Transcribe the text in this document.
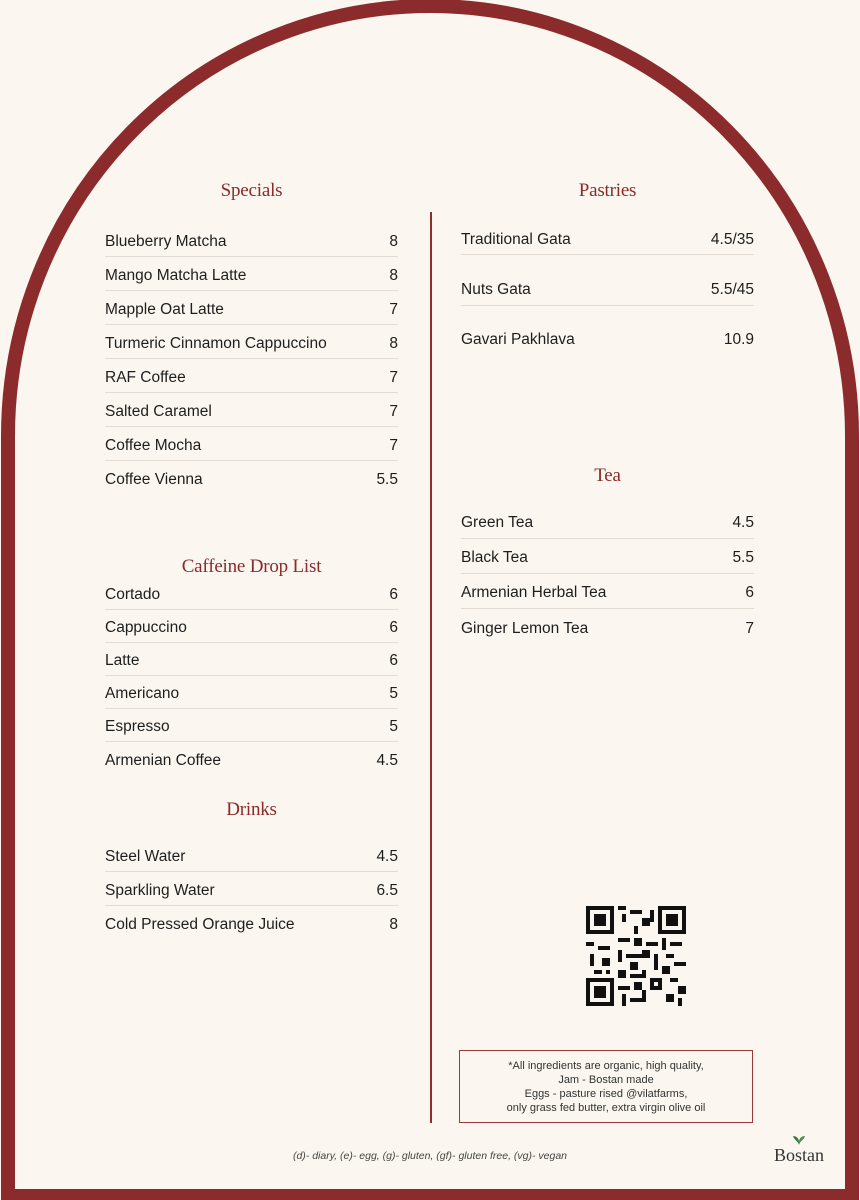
Specials
Blueberry Matcha	8
Mango Matcha Latte	8
Mapple Oat Latte	7
Turmeric Cinnamon Cappuccino	8
RAF Coffee	7
Salted Caramel	7
Coffee Mocha	7
Coffee Vienna	5.5
Caffeine Drop List
Cortado	6
Cappuccino	6
Latte	6
Americano	5
Espresso	5
Armenian Coffee	4.5
Drinks
Steel Water	4.5
Sparkling Water	6.5
Cold Pressed Orange Juice	8
Pastries
Traditional Gata	4.5/35
Nuts Gata	5.5/45
Gavari Pakhlava	10.9
Tea
Green Tea	4.5
Black Tea	5.5
Armenian Herbal Tea	6
Ginger Lemon Tea	7
*All ingredients are organic, high quality,
Jam - Bostan made
Eggs - pasture rised @vilatfarms,
only grass fed butter, extra virgin olive oil
(d)- diary, (e)- egg, (g)- gluten, (gf)- gluten free, (vg)- vegan	Bostan
